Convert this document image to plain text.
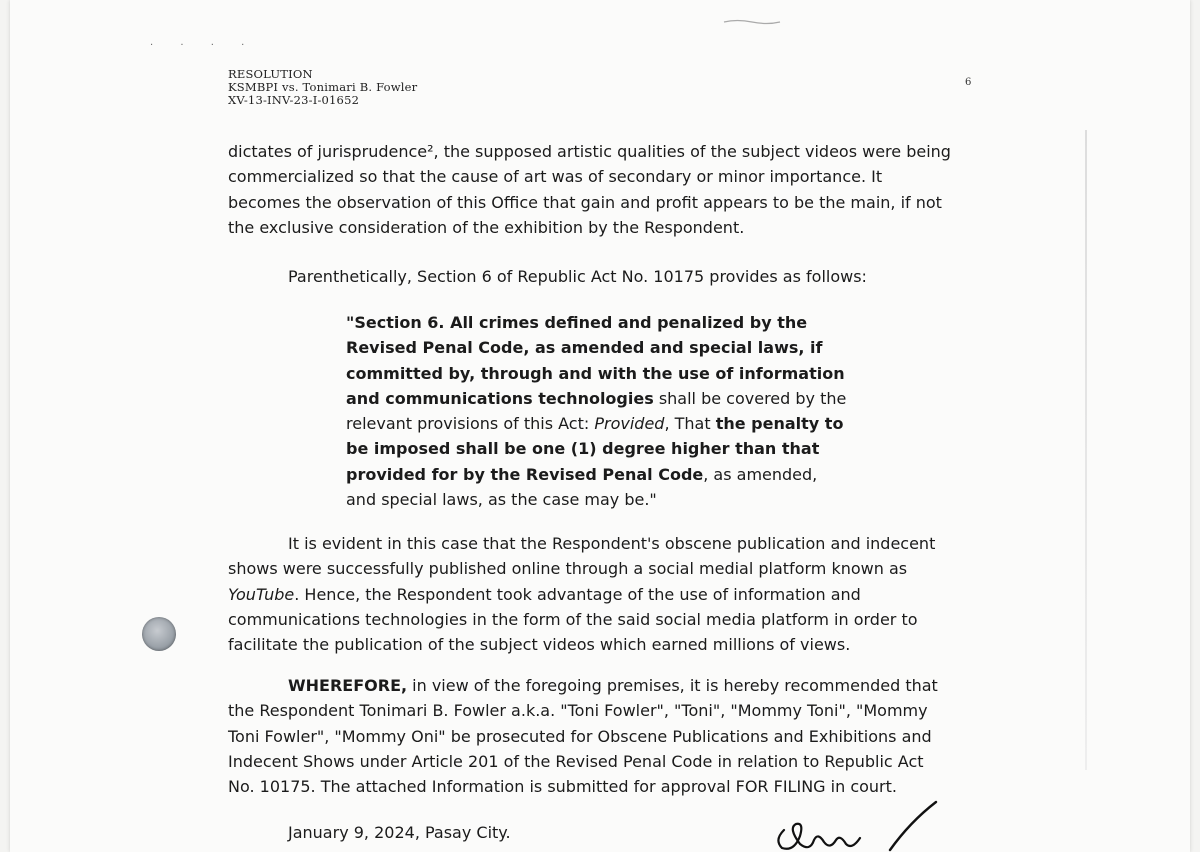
· · · ·
RESOLUTION
KSMBPI vs. Tonimari B. Fowler
XV-13-INV-23-I-01652
6

dictates of jurisprudence², the supposed artistic qualities of the subject videos were being
commercialized so that the cause of art was of secondary or minor importance. It
becomes the observation of this Office that gain and profit appears to be the main, if not
the exclusive consideration of the exhibition by the Respondent.

Parenthetically, Section 6 of Republic Act No. 10175 provides as follows:

"Section 6. All crimes defined and penalized by the
Revised Penal Code, as amended and special laws, if
committed by, through and with the use of information
and communications technologies shall be covered by the
relevant provisions of this Act: Provided, That the penalty to
be imposed shall be one (1) degree higher than that
provided for by the Revised Penal Code, as amended,
and special laws, as the case may be."

It is evident in this case that the Respondent's obscene publication and indecent
shows were successfully published online through a social medial platform known as
YouTube. Hence, the Respondent took advantage of the use of information and
communications technologies in the form of the said social media platform in order to
facilitate the publication of the subject videos which earned millions of views.

WHEREFORE, in view of the foregoing premises, it is hereby recommended that
the Respondent Tonimari B. Fowler a.k.a. "Toni Fowler", "Toni", "Mommy Toni", "Mommy
Toni Fowler", "Mommy Oni" be prosecuted for Obscene Publications and Exhibitions and
Indecent Shows under Article 201 of the Revised Penal Code in relation to Republic Act
No. 10175. The attached Information is submitted for approval FOR FILING in court.

January 9, 2024, Pasay City.
